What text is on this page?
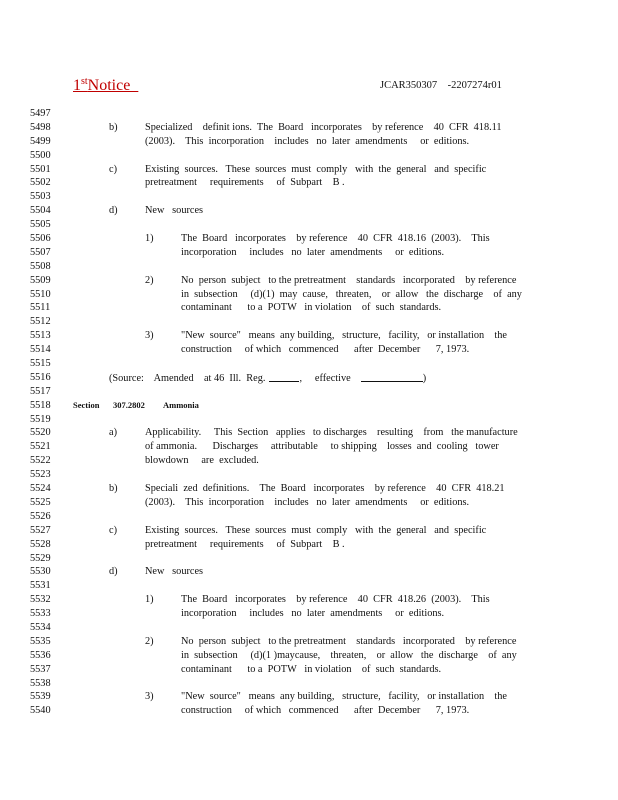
1stNotice	JCAR350307    -2207274r01
5497
5498	b)	Specialized    definit ions.  The  Board   incorporates    by reference    40  CFR  418.11
5499	(2003).    This  incorporation    includes   no  later  amendments     or  editions.
5500
5501	c)	Existing  sources.   These  sources  must  comply   with  the  general   and  specific
5502	pretreatment     requirements     of  Subpart    B .
5503
5504	d)	New   sources
5505
5506	1)	The  Board   incorporates    by reference    40  CFR  418.16  (2003).    This
5507	incorporation     includes   no  later  amendments     or  editions.
5508
5509	2)	No  person  subject   to the pretreatment    standards   incorporated    by reference
5510	in  subsection     (d)(1)  may  cause,   threaten,    or  allow   the  discharge    of  any
5511	contaminant      to a  POTW   in violation    of  such  standards.
5512
5513	3)	"New  source"   means  any building,   structure,   facility,   or installation    the
5514	construction     of which   commenced      after  December      7, 1973.
5515
5516	(Source:    Amended    at 46  Ill.  Reg.	,     effective	)
5517
5518	Section 307.2802 Ammonia
5519
5520	a)	Applicability.     This  Section   applies   to discharges    resulting    from   the manufacture
5521	of ammonia.      Discharges     attributable     to shipping    losses  and  cooling   tower
5522	blowdown     are  excluded.
5523
5524	b)	Speciali  zed  definitions.    The  Board   incorporates    by reference    40  CFR  418.21
5525	(2003).    This  incorporation    includes   no  later  amendments     or  editions.
5526
5527	c)	Existing  sources.   These  sources  must  comply   with  the  general   and  specific
5528	pretreatment     requirements     of  Subpart    B .
5529
5530	d)	New   sources
5531
5532	1)	The  Board   incorporates    by reference    40  CFR  418.26  (2003).    This
5533	incorporation     includes   no  later  amendments     or  editions.
5534
5535	2)	No  person  subject   to the pretreatment    standards   incorporated    by reference
5536	in  subsection     (d)(1 )maycause,    threaten,    or  allow   the  discharge    of  any
5537	contaminant      to a  POTW   in violation    of  such  standards.
5538
5539	3)	"New  source"   means  any building,   structure,   facility,   or installation    the
5540	construction     of which   commenced      after  December      7, 1973.
